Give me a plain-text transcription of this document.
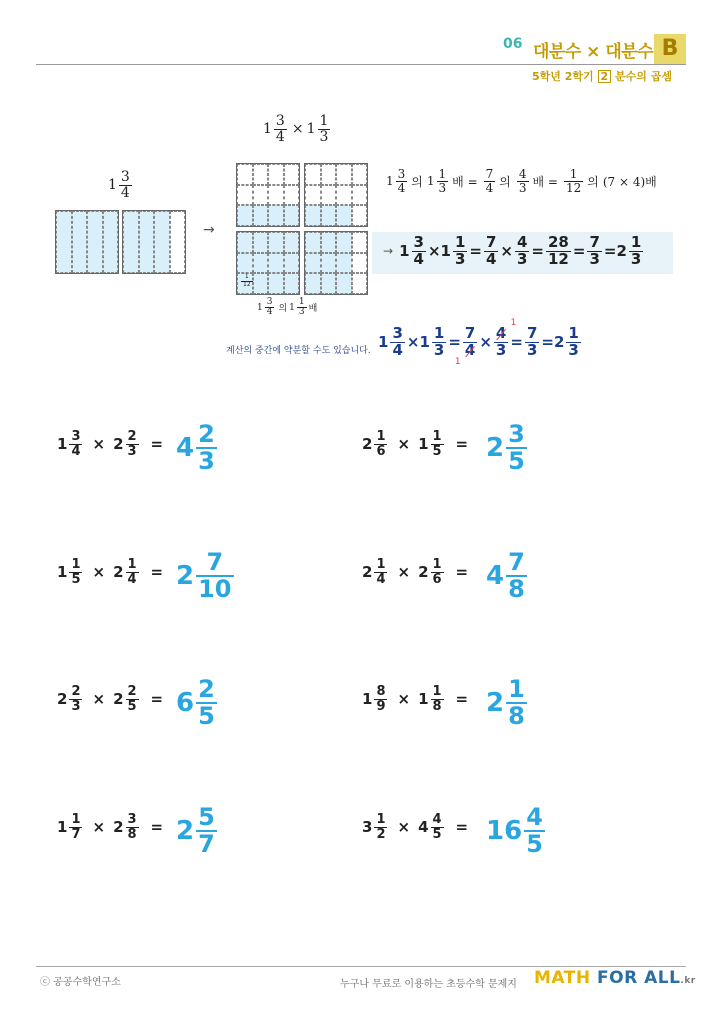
06 대분수 × 대분수 B
5학년 2학기 2 분수의 곱셈
1
3
4
→
$1 \frac{3}{4} \times 1$
1
3
1
12
1
3
4 의 1
1
3 배
1
3
4 의 1
1
3 배 = $\frac{7}{4}$ 의
4
3 배 = $\frac{1}{12}$ 의 (7 × 4)배
→ $1 \frac{3}{4} \times 1 \frac{1}{3} = \frac{7}{4} \times \frac{4}{3} = \frac{28}{12} = \frac{7}{3} = 2$
1
3
계산의 중간에 약분할 수도 있습니다. $1 \frac{3}{4} \times 1 \frac{1}{3}$ =
7
4
1
×
4
3
1
= $\frac{7}{3} = 2$
1
3
$1 \frac{3}{4} \times 2 \frac{2}{3} = 4$ 2
3
$2 \frac{1}{6} \times 1 \frac{1}{5} = 2$ 3
5
$1 \frac{1}{5} \times 2 \frac{1}{4} = 2$ 7
10
$2 \frac{1}{4} \times 2 \frac{1}{6} = 4$ 7
8
$2 \frac{2}{3} \times 2 \frac{2}{5} = 6$ 2
5
$1 \frac{8}{9} \times 1 \frac{1}{8} = 2$ 1
8
$1 \frac{1}{7} \times 2 \frac{3}{8} = 2$ 5
7
$3 \frac{1}{2} \times 4 \frac{4}{5} = 16$ 4
5
ⓒ 공공수학연구소	누구나 무료로 이용하는 초등수학 문제지 MATH FOR ALL.kr
